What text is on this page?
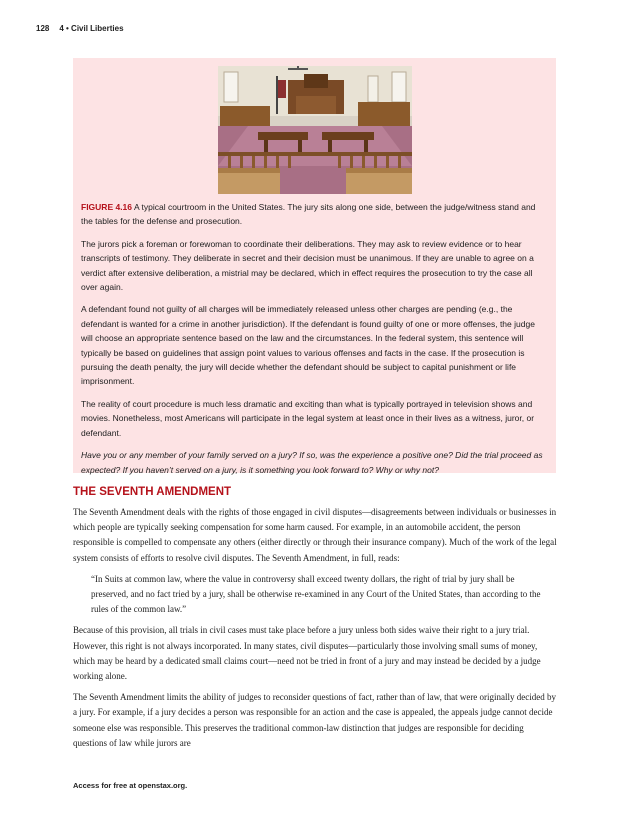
128 4 • Civil Liberties

FIGURE 4.16 A typical courtroom in the United States. The jury sits along one side, between the judge/witness stand and the tables for the defense and prosecution.

The jurors pick a foreman or forewoman to coordinate their deliberations. They may ask to review evidence or to hear transcripts of testimony. They deliberate in secret and their decision must be unanimous. If they are unable to agree on a verdict after extensive deliberation, a mistrial may be declared, which in effect requires the prosecution to try the case all over again.

A defendant found not guilty of all charges will be immediately released unless other charges are pending (e.g., the defendant is wanted for a crime in another jurisdiction). If the defendant is found guilty of one or more offenses, the judge will choose an appropriate sentence based on the law and the circumstances. In the federal system, this sentence will typically be based on guidelines that assign point values to various offenses and facts in the case. If the prosecution is pursuing the death penalty, the jury will decide whether the defendant should be subject to capital punishment or life imprisonment.

The reality of court procedure is much less dramatic and exciting than what is typically portrayed in television shows and movies. Nonetheless, most Americans will participate in the legal system at least once in their lives as a witness, juror, or defendant.

Have you or any member of your family served on a jury? If so, was the experience a positive one? Did the trial proceed as expected? If you haven’t served on a jury, is it something you look forward to? Why or why not?

THE SEVENTH AMENDMENT

The Seventh Amendment deals with the rights of those engaged in civil disputes—disagreements between individuals or businesses in which people are typically seeking compensation for some harm caused. For example, in an automobile accident, the person responsible is compelled to compensate any others (either directly or through their insurance company). Much of the work of the legal system consists of efforts to resolve civil disputes. The Seventh Amendment, in full, reads:

“In Suits at common law, where the value in controversy shall exceed twenty dollars, the right of trial by jury shall be preserved, and no fact tried by a jury, shall be otherwise re-examined in any Court of the United States, than according to the rules of the common law.”

Because of this provision, all trials in civil cases must take place before a jury unless both sides waive their right to a jury trial. However, this right is not always incorporated. In many states, civil disputes—particularly those involving small sums of money, which may be heard by a dedicated small claims court—need not be tried in front of a jury and may instead be decided by a judge working alone.

The Seventh Amendment limits the ability of judges to reconsider questions of fact, rather than of law, that were originally decided by a jury. For example, if a jury decides a person was responsible for an action and the case is appealed, the appeals judge cannot decide someone else was responsible. This preserves the traditional common-law distinction that judges are responsible for deciding questions of law while jurors are

Access for free at openstax.org.
